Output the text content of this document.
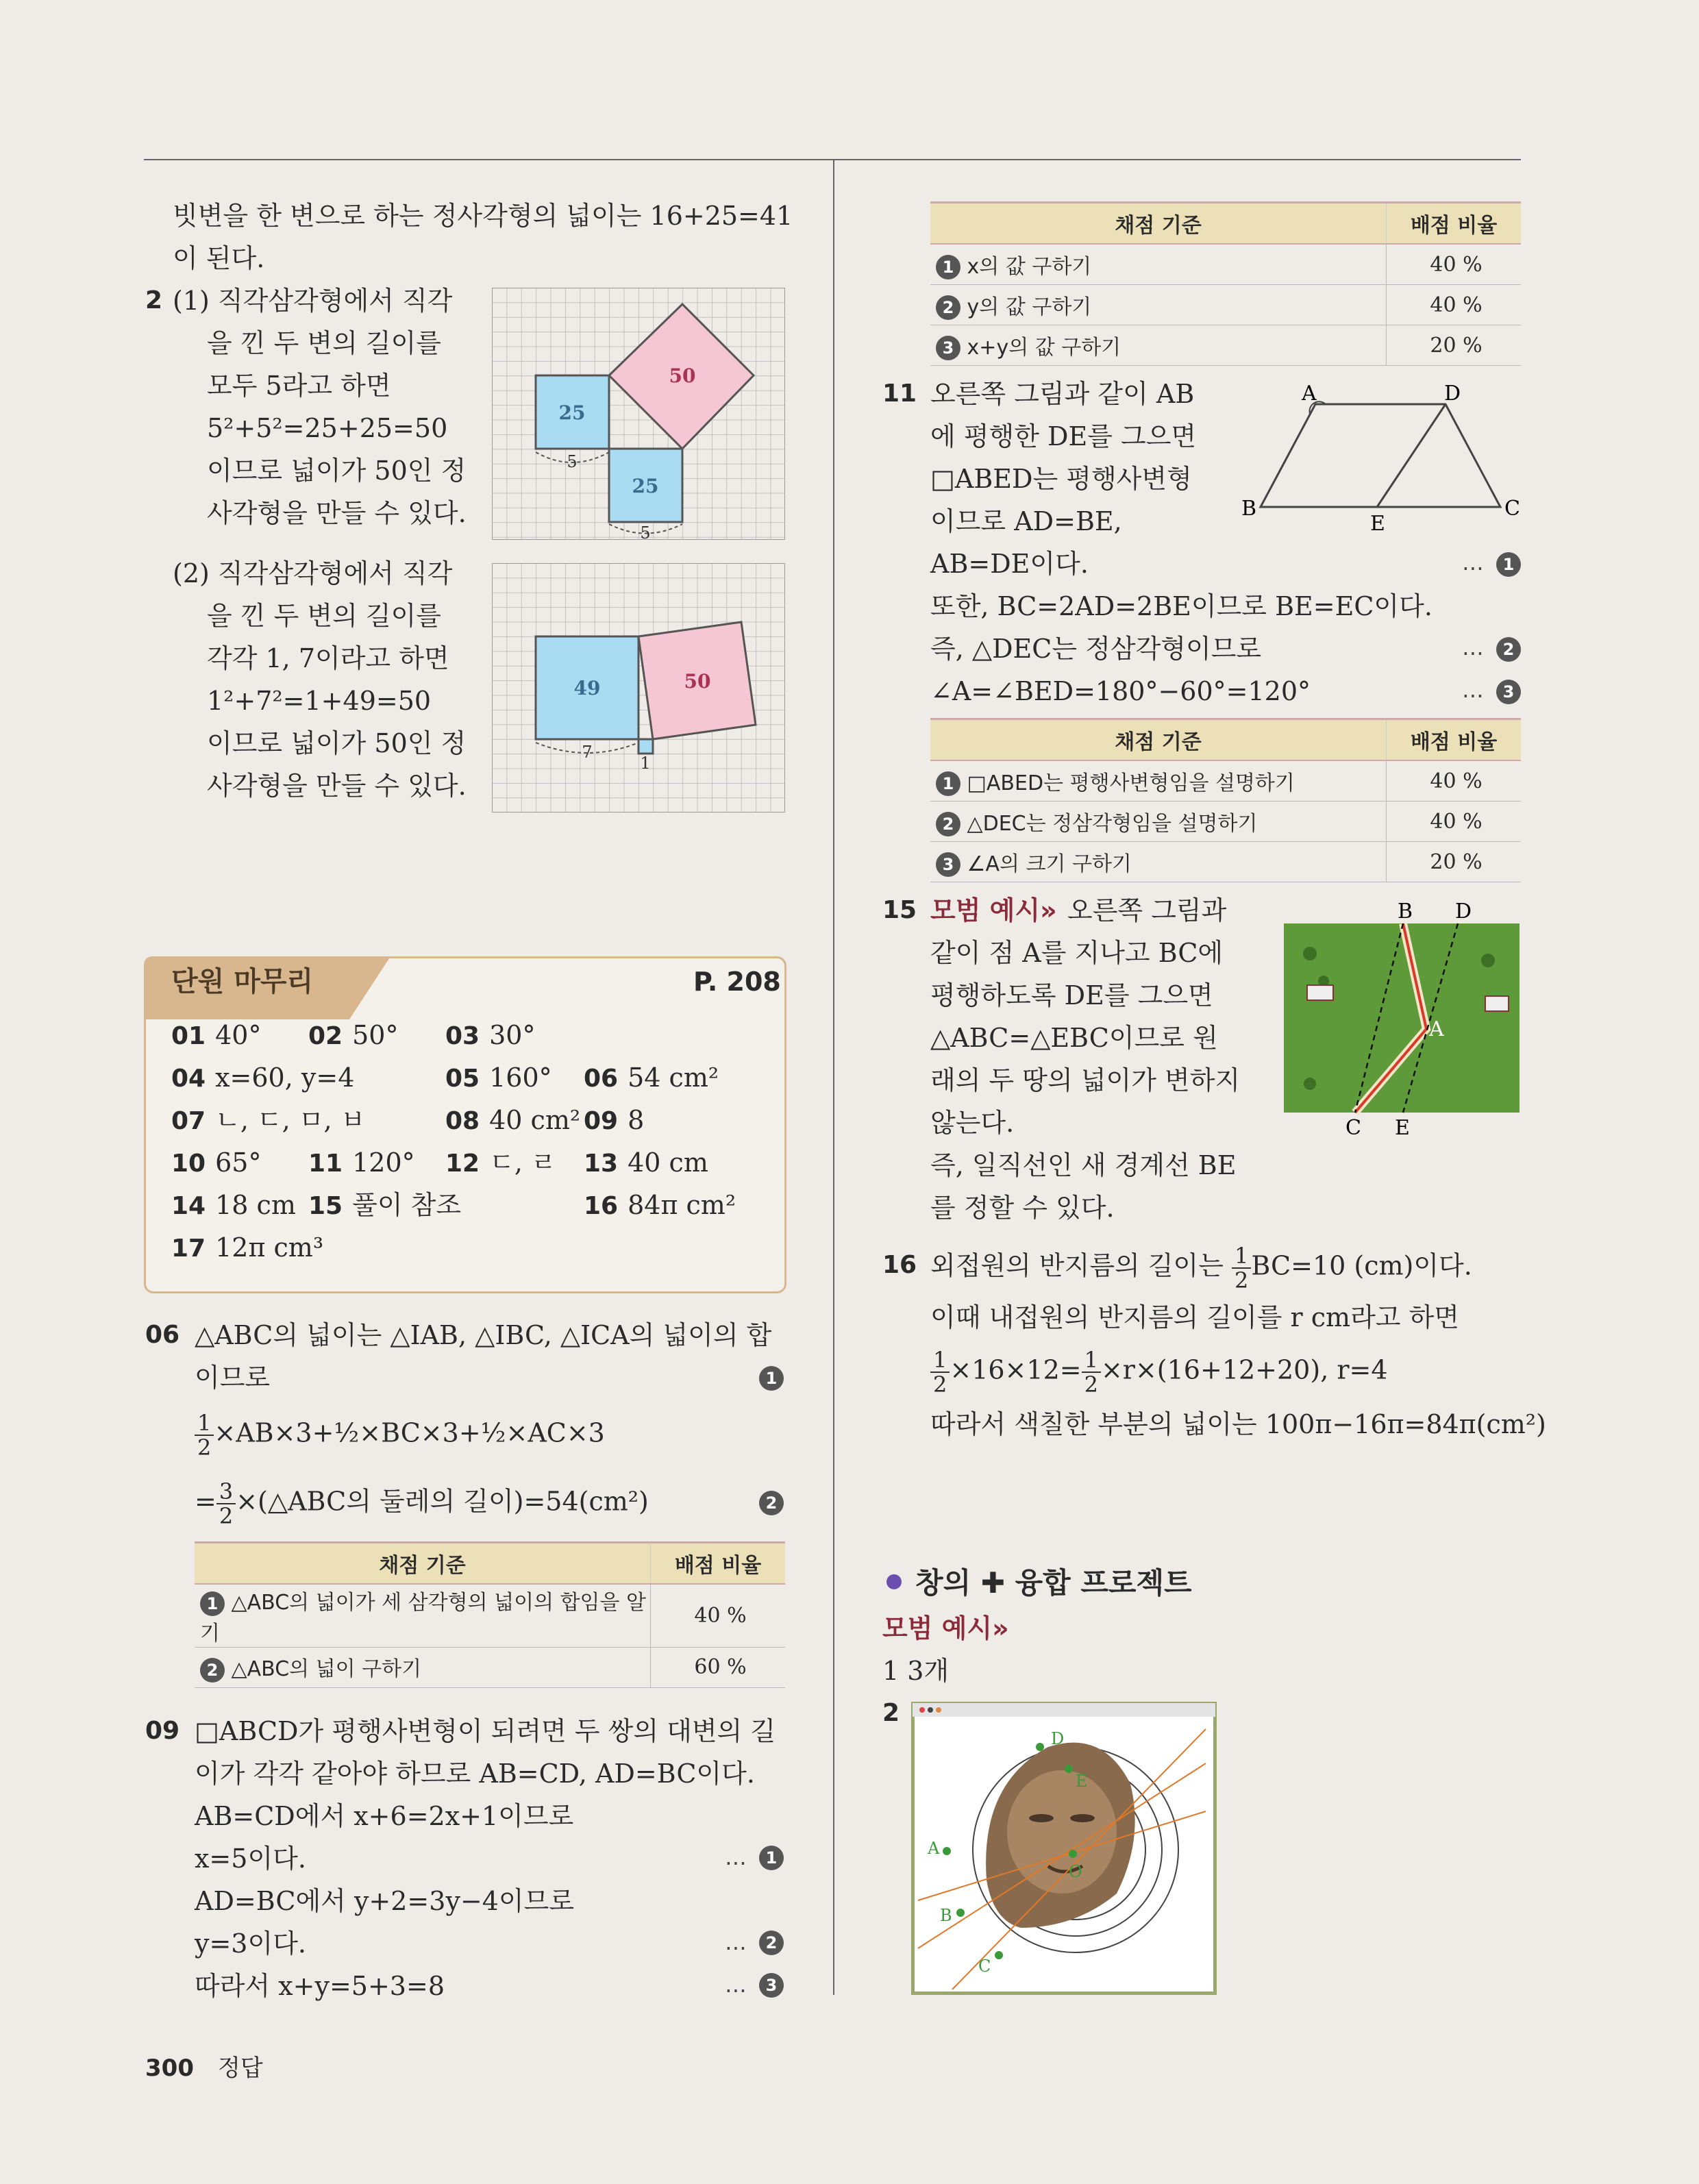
빗변을 한 변으로 하는 정사각형의 넓이는 16+25=41
이 된다.
2 (1) 직각삼각형에서 직각
을 낀 두 변의 길이를
모두 5라고 하면
5²+5²=25+25=50
이므로 넓이가 50인 정
사각형을 만들 수 있다.
25
25
50
5
5
(2) 직각삼각형에서 직각
을 낀 두 변의 길이를
각각 1, 7이라고 하면
1²+7²=1+49=50
이므로 넓이가 50인 정
사각형을 만들 수 있다.
49	50
7
1
단원 마무리	P. 208
01 40° 02 50° 03 30°
04 x=60, y=4	05 160° 06 54 cm²
07 ㄴ, ㄷ, ㅁ, ㅂ	08 40 cm² 09 8
10 65° 11 120° 12 ㄷ, ㄹ 13 40 cm
14 18 cm 15 풀이 참조	16 84π cm²
17 12π cm³
06 △ABC의 넓이는 △IAB, △IBC, △ICA의 넓이의 합
이므로	1
$\frac{1}{2}$ ×AB×3+½×BC×3+½×AC×3
= $\frac{3}{2}$ ×(△ABC의 둘레의 길이)=54(cm²)	2
채점 기준	배점 비율
1 △ABC의 넓이가 세 삼각형의 넓이의 합임을 알기	40 %
2 △ABC의 넓이 구하기	60 %
09 □ABCD가 평행사변형이 되려면 두 쌍의 대변의 길
이가 각각 같아야 하므로 AB=CD, AD=BC이다.
AB=CD에서 x+6=2x+1이므로
x=5이다.
AD=BC에서 y+2=3y−4이므로
y=3이다.
따라서 x+y=5+3=8
⋯	1
⋯	2
⋯	3
채점 기준	배점 비율
1 x의 값 구하기	40 %
2 y의 값 구하기	40 %
3 x+y의 값 구하기	20 %
11 오른쪽 그림과 같이 AB
에 평행한 DE를 그으면
□ABED는 평행사변형
이므로 AD=BE,
AB=DE이다.
또한, BC=2AD=2BE이므로 BE=EC이다.
즉, △DEC는 정삼각형이므로
∠A=∠BED=180°−60°=120°
⋯	1
⋯	2
⋯	3
A	D
B	C
E
채점 기준	배점 비율
1 □ABED는 평행사변형임을 설명하기	40 %
2 △DEC는 정삼각형임을 설명하기	40 %
3 ∠A의 크기 구하기	20 %
15 모범 예시» 오른쪽 그림과
같이 점 A를 지나고 BC에
평행하도록 DE를 그으면
△ABC=△EBC이므로 원
래의 두 땅의 넓이가 변하지
않는다.
즉, 일직선인 새 경계선 BE
를 정할 수 있다.
B D
A
C E
16 외접원의 반지름의 길이는 $\frac{1}{2} BC=10$ (cm)이다.
이때 내접원의 반지름의 길이를 r cm라고 하면
$\frac{1}{2} \times 16\times 12= \frac{1}{2} \times r\times(16+12+20)$, r=4
따라서 색칠한 부분의 넓이는 100π−16π=84π(cm²)
창의 ✚ 융합 프로젝트
모범 예시»
1 3개
2
A
B
C
D
E
O
300 정답
